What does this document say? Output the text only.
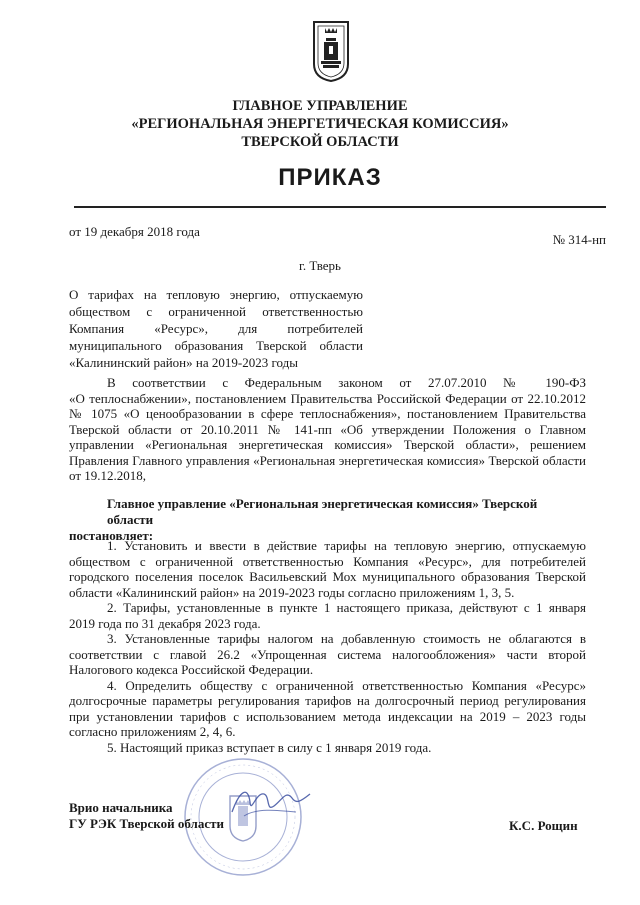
ГЛАВНОЕ УПРАВЛЕНИЕ
«РЕГИОНАЛЬНАЯ ЭНЕРГЕТИЧЕСКАЯ КОМИССИЯ»
ТВЕРСКОЙ ОБЛАСТИ
ПРИКАЗ
от 19 декабря 2018 года
№ 314-нп
г. Тверь
О тарифах на тепловую энергию, отпускаемую
обществом с ограниченной ответственностью
Компания «Ресурс», для потребителей
муниципального образования Тверской области
«Калининский район» на 2019-2023 годы
В соответствии с Федеральным законом от 27.07.2010 № 190-ФЗ
«О теплоснабжении», постановлением Правительства Российской Федерации от 22.10.2012
№ 1075 «О ценообразовании в сфере теплоснабжения», постановлением Правительства
Тверской области от 20.10.2011 № 141-пп «Об утверждении Положения о Главном
управлении «Региональная энергетическая комиссия» Тверской области», решением
Правления Главного управления «Региональная энергетическая комиссия» Тверской области
от 19.12.2018,
Главное управление «Региональная энергетическая комиссия» Тверской области
постановляет:
1. Установить и ввести в действие тарифы на тепловую энергию, отпускаемую
обществом с ограниченной ответственностью Компания «Ресурс», для потребителей
городского поселения поселок Васильевский Мох муниципального образования Тверской
области «Калининский район» на 2019-2023 годы согласно приложениям 1, 3, 5.
2. Тарифы, установленные в пункте 1 настоящего приказа, действуют с 1 января
2019 года по 31 декабря 2023 года.
3. Установленные тарифы налогом на добавленную стоимость не облагаются в
соответствии с главой 26.2 «Упрощенная система налогообложения» части второй
Налогового кодекса Российской Федерации.
4. Определить обществу с ограниченной ответственностью Компания «Ресурс»
долгосрочные параметры регулирования тарифов на долгосрочный период регулирования
при установлении тарифов с использованием метода индексации на 2019 – 2023 годы
согласно приложениям 2, 4, 6.
5. Настоящий приказ вступает в силу с 1 января 2019 года.
Врио начальника
ГУ РЭК Тверской области	К.С. Рощин
